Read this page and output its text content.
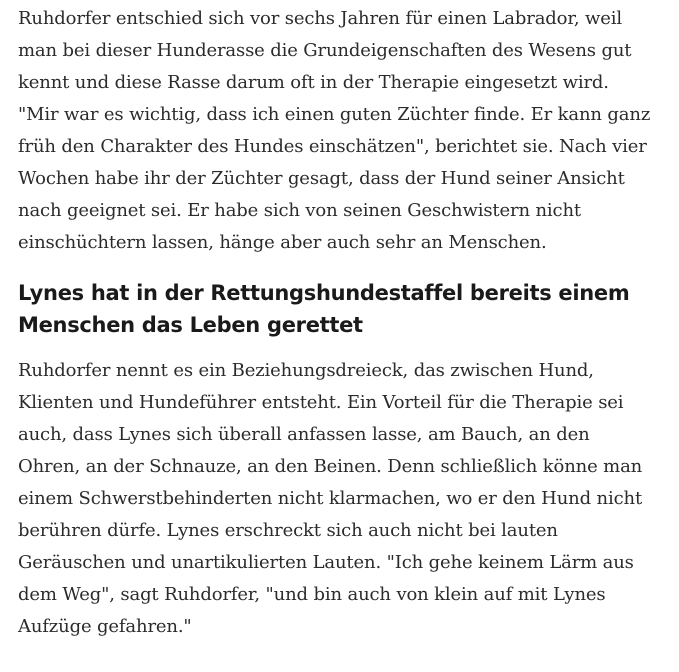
Ruhdorfer entschied sich vor sechs Jahren für einen Labrador, weil
man bei dieser Hunderasse die Grundeigenschaften des Wesens gut
kennt und diese Rasse darum oft in der Therapie eingesetzt wird.
"Mir war es wichtig, dass ich einen guten Züchter finde. Er kann ganz
früh den Charakter des Hundes einschätzen", berichtet sie. Nach vier
Wochen habe ihr der Züchter gesagt, dass der Hund seiner Ansicht
nach geeignet sei. Er habe sich von seinen Geschwistern nicht
einschüchtern lassen, hänge aber auch sehr an Menschen.
Lynes hat in der Rettungshundestaffel bereits einem
Menschen das Leben gerettet
Ruhdorfer nennt es ein Beziehungsdreieck, das zwischen Hund,
Klienten und Hundeführer entsteht. Ein Vorteil für die Therapie sei
auch, dass Lynes sich überall anfassen lasse, am Bauch, an den
Ohren, an der Schnauze, an den Beinen. Denn schließlich könne man
einem Schwerstbehinderten nicht klarmachen, wo er den Hund nicht
berühren dürfe. Lynes erschreckt sich auch nicht bei lauten
Geräuschen und unartikulierten Lauten. "Ich gehe keinem Lärm aus
dem Weg", sagt Ruhdorfer, "und bin auch von klein auf mit Lynes
Aufzüge gefahren."
